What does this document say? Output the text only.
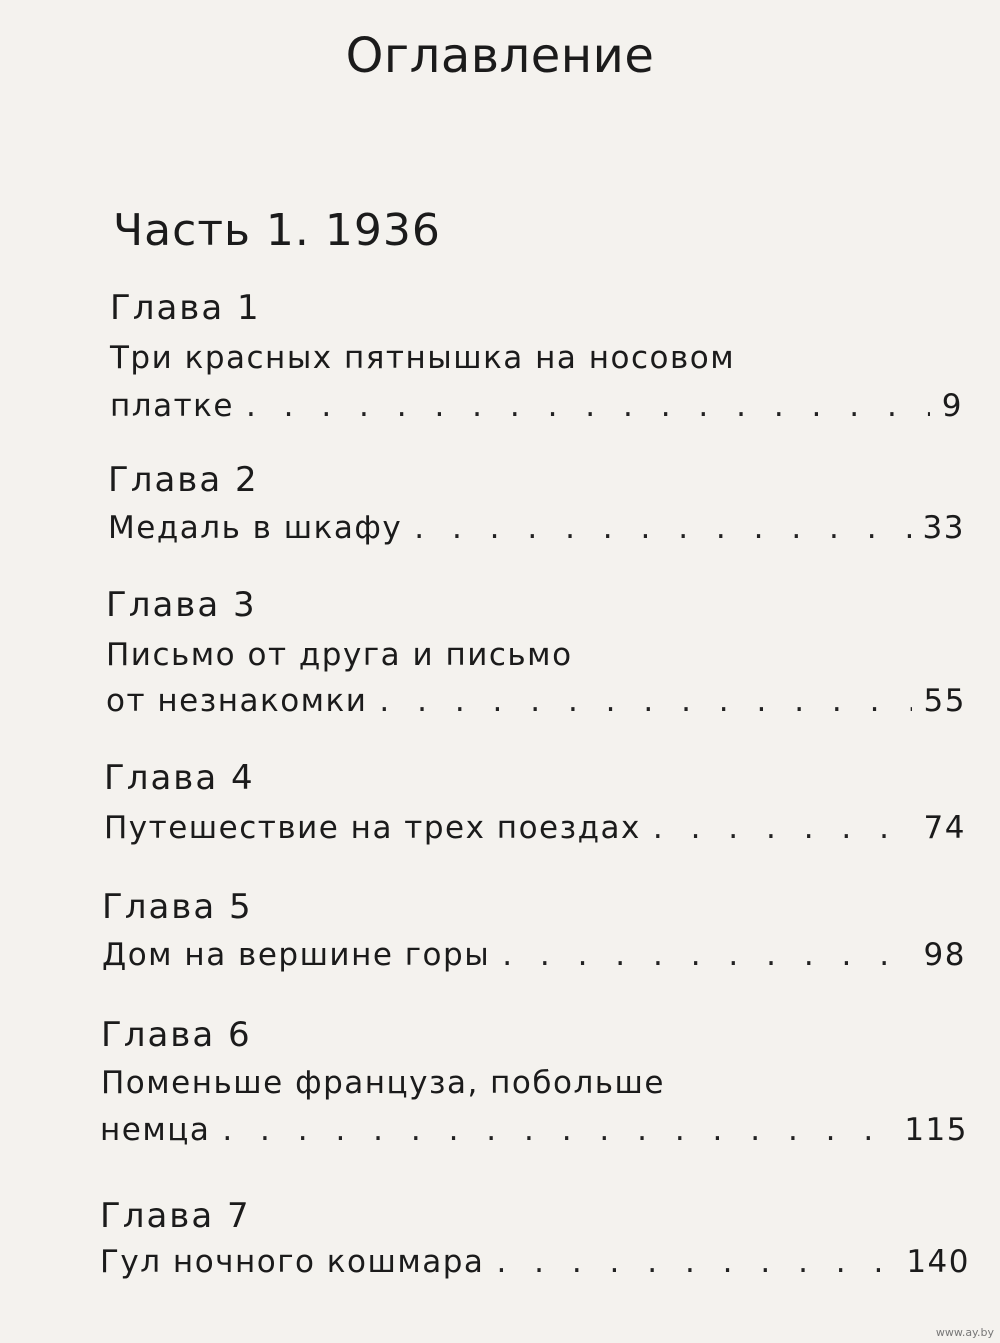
Оглавление
Часть 1. 1936
Глава 1
Три красных пятнышка на носовом
платке . . .	9
Глава 2
Медаль в шкафу . . .	33
Глава 3
Письмо от друга и письмо
от незнакомки . . .	55
Глава 4
Путешествие на трех поездах . . .	74
Глава 5
Дом на вершине горы . . .	98
Глава 6
Поменьше француза, побольше
немца . . .	115
Глава 7
Гул ночного кошмара . . .	140
www.ay.by
